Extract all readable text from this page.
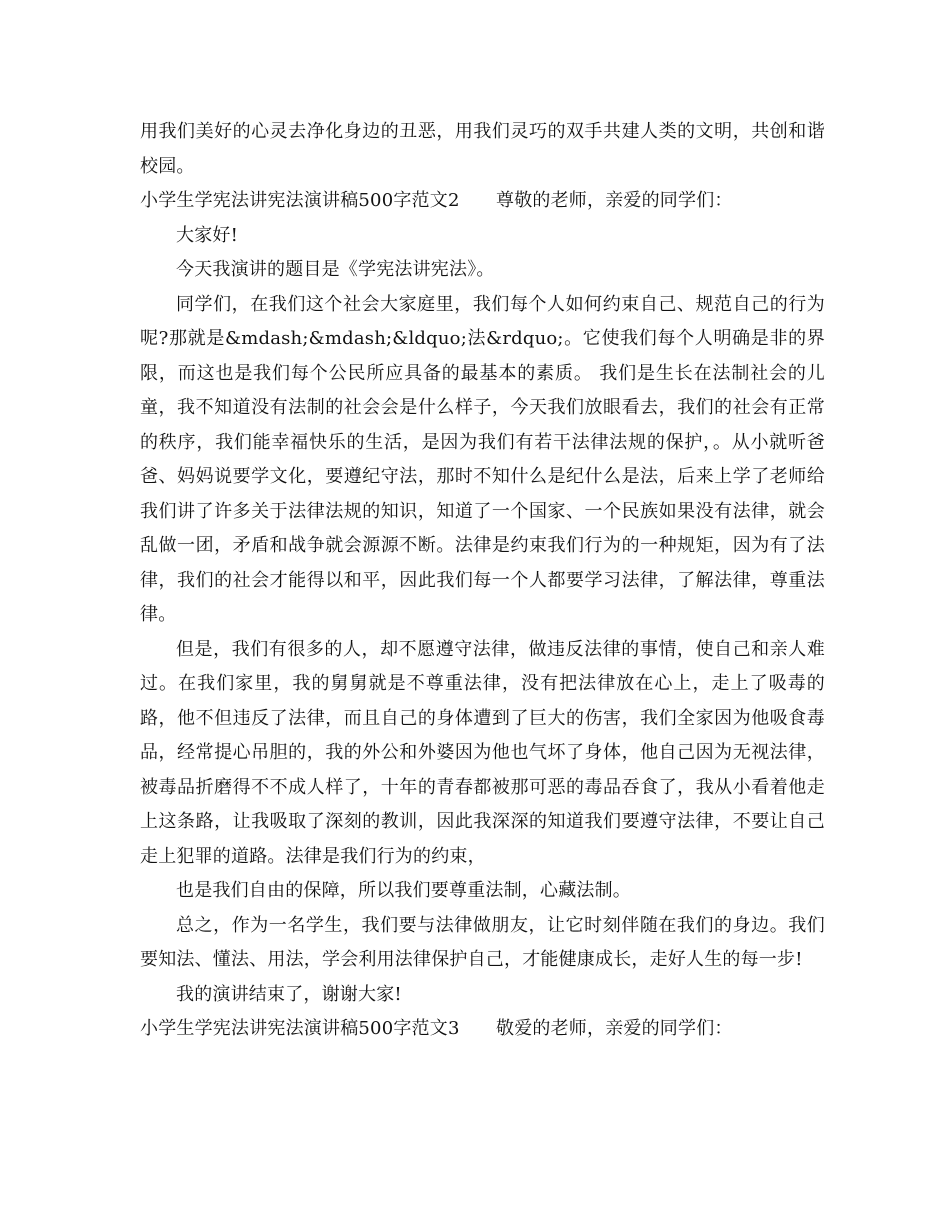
用我们美好的心灵去净化身边的丑恶，用我们灵巧的双手共建人类的文明，共创和谐校园。

小学生学宪法讲宪法演讲稿500字范文2　　尊敬的老师，亲爱的同学们：

大家好!

今天我演讲的题目是《学宪法讲宪法》。

同学们，在我们这个社会大家庭里，我们每个人如何约束自己、规范自己的行为呢?那就是&mdash;&mdash;&ldquo;法&rdquo;。它使我们每个人明确是非的界限，而这也是我们每个公民所应具备的最基本的素质。 我们是生长在法制社会的儿童，我不知道没有法制的社会会是什么样子，今天我们放眼看去，我们的社会有正常的秩序，我们能幸福快乐的生活，是因为我们有若干法律法规的保护，。从小就听爸爸、妈妈说要学文化，要遵纪守法，那时不知什么是纪什么是法，后来上学了老师给我们讲了许多关于法律法规的知识，知道了一个国家、一个民族如果没有法律，就会乱做一团，矛盾和战争就会源源不断。法律是约束我们行为的一种规矩，因为有了法律，我们的社会才能得以和平，因此我们每一个人都要学习法律，了解法律，尊重法律。

但是，我们有很多的人，却不愿遵守法律，做违反法律的事情，使自己和亲人难过。在我们家里，我的舅舅就是不尊重法律，没有把法律放在心上，走上了吸毒的路，他不但违反了法律，而且自己的身体遭到了巨大的伤害，我们全家因为他吸食毒品，经常提心吊胆的，我的外公和外婆因为他也气坏了身体，他自己因为无视法律，被毒品折磨得不不成人样了，十年的青春都被那可恶的毒品吞食了，我从小看着他走上这条路，让我吸取了深刻的教训，因此我深深的知道我们要遵守法律，不要让自己走上犯罪的道路。法律是我们行为的约束，

也是我们自由的保障，所以我们要尊重法制，心藏法制。

总之，作为一名学生，我们要与法律做朋友，让它时刻伴随在我们的身边。我们要知法、懂法、用法，学会利用法律保护自己，才能健康成长，走好人生的每一步!

我的演讲结束了，谢谢大家!

小学生学宪法讲宪法演讲稿500字范文3　　敬爱的老师，亲爱的同学们：
